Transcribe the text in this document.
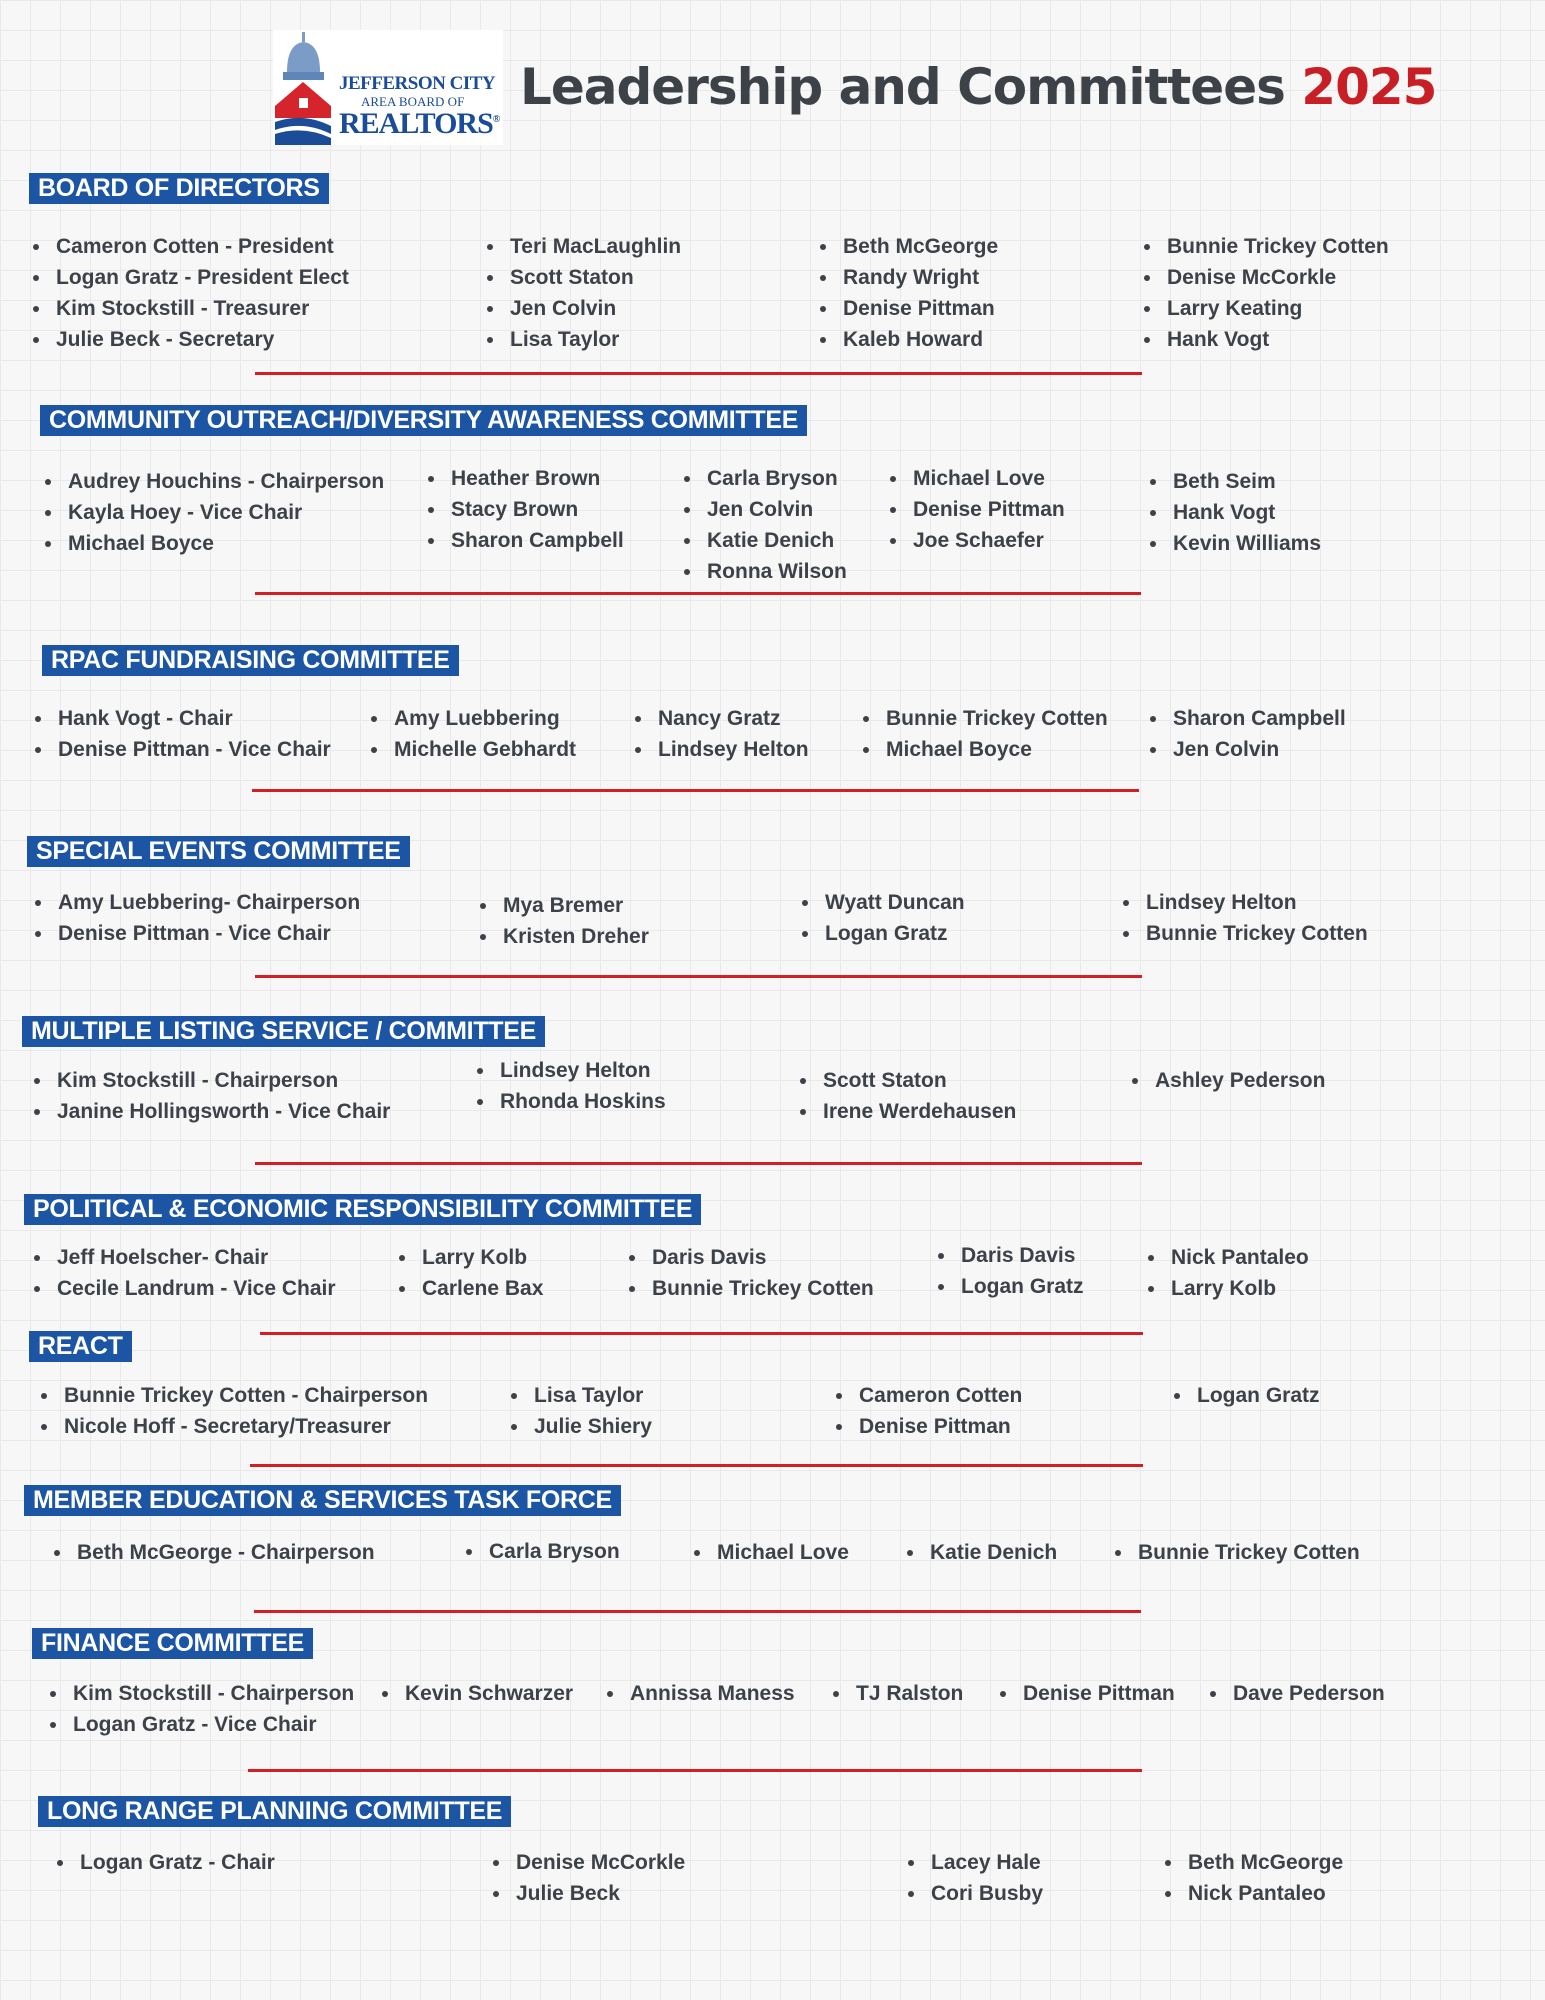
JEFFERSON CITY
AREA BOARD OF
REALTORS®
Leadership and Committees 2025
BOARD OF DIRECTORS
Cameron Cotten - President
Logan Gratz - President Elect
Kim Stockstill - Treasurer
Julie Beck - Secretary
Teri MacLaughlin
Scott Staton
Jen Colvin
Lisa Taylor
Beth McGeorge
Randy Wright
Denise Pittman
Kaleb Howard
Bunnie Trickey Cotten
Denise McCorkle
Larry Keating
Hank Vogt
COMMUNITY OUTREACH/DIVERSITY AWARENESS COMMITTEE
Audrey Houchins - Chairperson
Kayla Hoey - Vice Chair
Michael Boyce
Heather Brown
Stacy Brown
Sharon Campbell
Carla Bryson
Jen Colvin
Katie Denich
Ronna Wilson
Michael Love
Denise Pittman
Joe Schaefer
Beth Seim
Hank Vogt
Kevin Williams
RPAC FUNDRAISING COMMITTEE
Hank Vogt - Chair
Denise Pittman - Vice Chair
Amy Luebbering
Michelle Gebhardt
Nancy Gratz
Lindsey Helton
Bunnie Trickey Cotten
Michael Boyce
Sharon Campbell
Jen Colvin
SPECIAL EVENTS COMMITTEE
Amy Luebbering- Chairperson
Denise Pittman - Vice Chair
Mya Bremer
Kristen Dreher
Wyatt Duncan
Logan Gratz
Lindsey Helton
Bunnie Trickey Cotten
MULTIPLE LISTING SERVICE / COMMITTEE
Kim Stockstill - Chairperson
Janine Hollingsworth - Vice Chair
Lindsey Helton
Rhonda Hoskins
Scott Staton
Irene Werdehausen
Ashley Pederson
POLITICAL & ECONOMIC RESPONSIBILITY COMMITTEE
Jeff Hoelscher- Chair
Cecile Landrum - Vice Chair
Larry Kolb
Carlene Bax
Daris Davis
Bunnie Trickey Cotten
Daris Davis
Logan Gratz
Nick Pantaleo
Larry Kolb
REACT
Bunnie Trickey Cotten - Chairperson
Nicole Hoff - Secretary/Treasurer
Lisa Taylor
Julie Shiery
Cameron Cotten
Denise Pittman
Logan Gratz
MEMBER EDUCATION & SERVICES TASK FORCE
Beth McGeorge - Chairperson	Carla Bryson	Michael Love	Katie Denich	Bunnie Trickey Cotten
FINANCE COMMITTEE
Kim Stockstill - Chairperson
Logan Gratz - Vice Chair
Kevin Schwarzer	Annissa Maness	TJ Ralston	Denise Pittman	Dave Pederson
LONG RANGE PLANNING COMMITTEE
Logan Gratz - Chair	Denise McCorkle
Julie Beck
Lacey Hale
Cori Busby
Beth McGeorge
Nick Pantaleo
